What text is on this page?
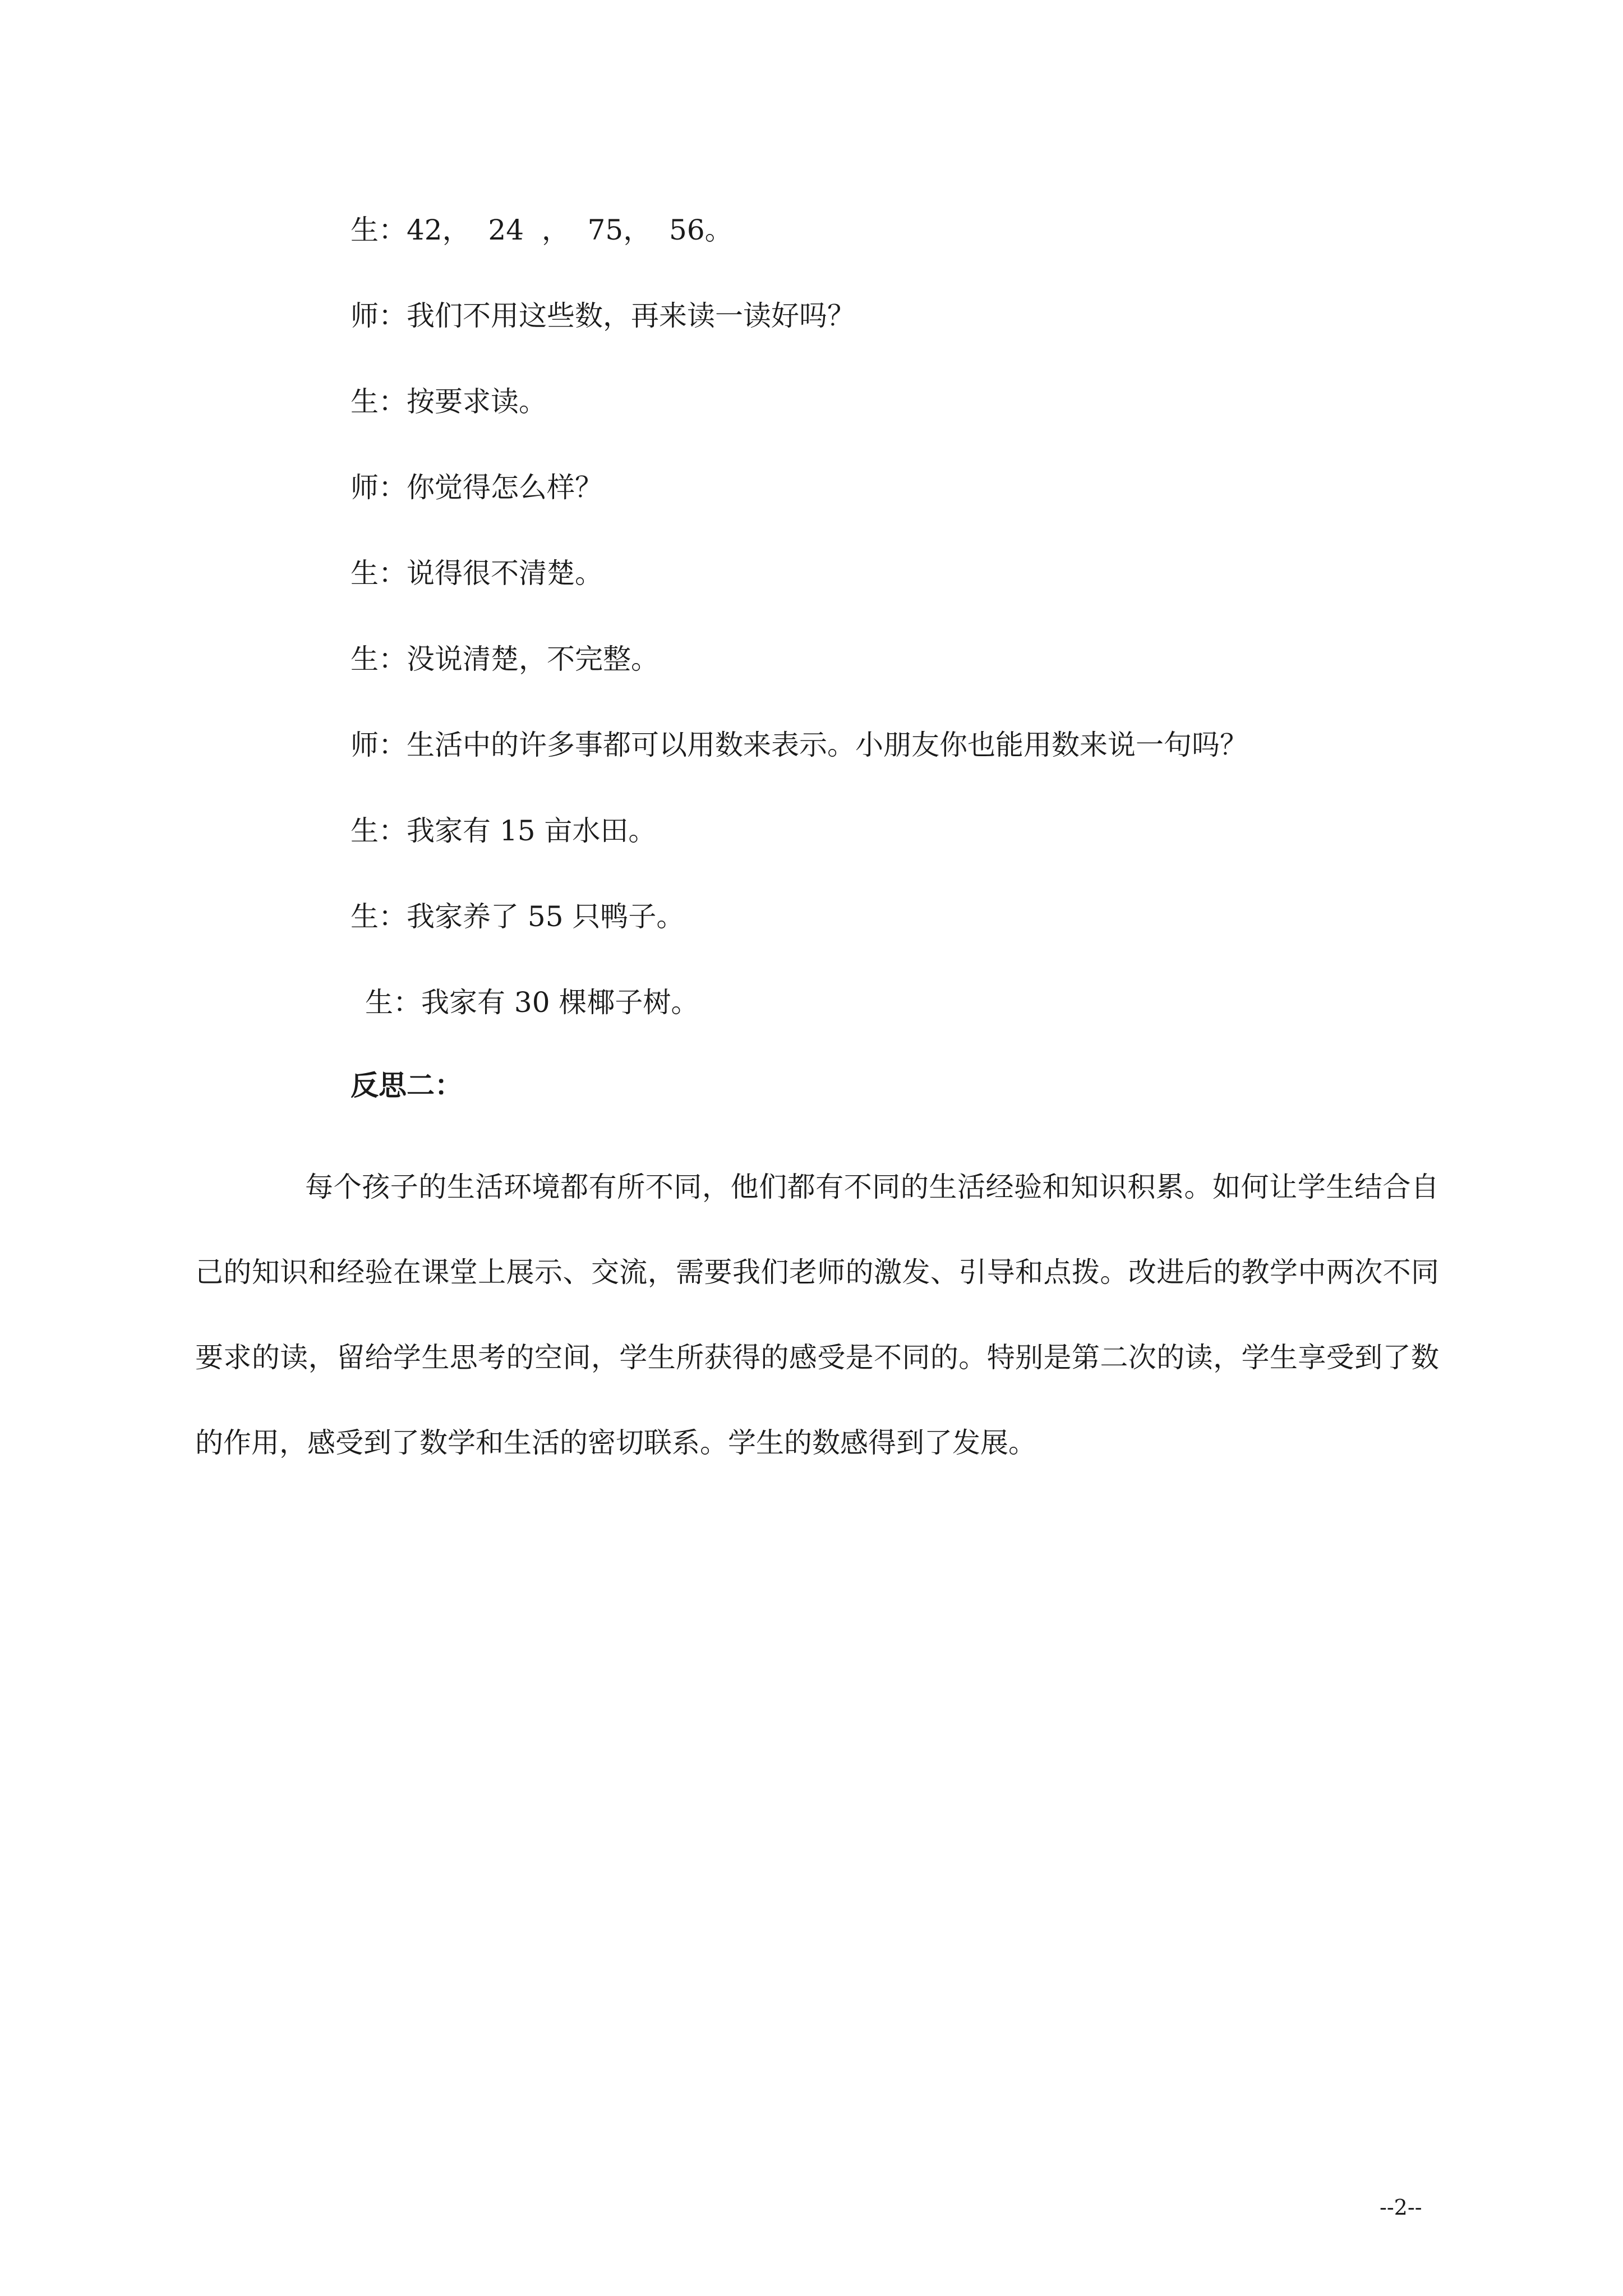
生：42，  24  ，  75，  56。
师：我们不用这些数，再来读一读好吗？
生：按要求读。
师：你觉得怎么样？
生：说得很不清楚。
生：没说清楚，不完整。
师：生活中的许多事都可以用数来表示。小朋友你也能用数来说一句吗？
生：我家有 15 亩水田。
生：我家养了 55 只鸭子。
生：我家有 30 棵椰子树。
反思二：
每个孩子的生活环境都有所不同，他们都有不同的生活经验和知识积累。如何让学生结合自己的知识和经验在课堂上展示、交流，需要我们老师的激发、引导和点拨。改进后的教学中两次不同要求的读，留给学生思考的空间，学生所获得的感受是不同的。特别是第二次的读，学生享受到了数的作用，感受到了数学和生活的密切联系。学生的数感得到了发展。
--2--
